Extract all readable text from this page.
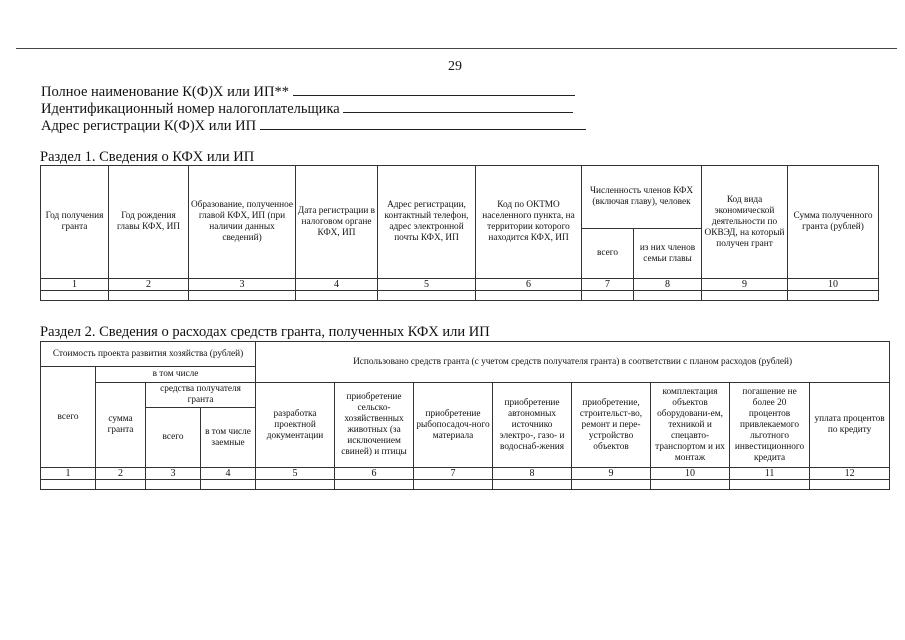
29
Полное наименование К(Ф)Х или ИП**
Идентификационный номер налогоплательщика
Адрес регистрации К(Ф)Х или ИП
Раздел 1. Сведения о КФХ или ИП
Год получения гранта	Год рождения главы КФХ, ИП	Образование, полученное главой КФХ, ИП (при наличии данных сведений)	Дата регистрации в налоговом органе КФХ, ИП	Адрес регистрации, контактный телефон, адрес электронной почты КФХ, ИП	Код по ОКТМО населенного пункта, на территории которого находится КФХ, ИП	Численность членов КФХ (включая главу), человек		Код вида экономической деятельности по ОКВЭД, на который получен грант	Сумма полученного гранта (рублей)
						всего	из них членов семьи главы		
1	2	3	4	5	6	7	8	9	10

Раздел 2. Сведения о расходах средств гранта, полученных КФХ или ИП
Стоимость проекта развития хозяйства (рублей)				Использовано средств гранта (с учетом средств получателя гранта) в соответствии с планом расходов (рублей)							
всего	в том числе										
	сумма гранта	средства получателя гранта		разработка проектной документации	приобретение сельско-хозяйственных животных (за исключением свиней) и птицы	приобретение рыбопосадоч-ного материала	приобретение автономных источнико электро-, газо- и водоснаб-жения	приобретение, строительст-во, ремонт и пере-устройство объектов	комплектация объектов оборудовани-ем, техникой и спецавто-транспортом и их монтаж	погашение не более 20 процентов привлекаемого льготного инвестиционного кредита	уплата процентов по кредиту
		всего	в том числе заемные								
1	2	3	4	5	6	7	8	9	10	11	12
